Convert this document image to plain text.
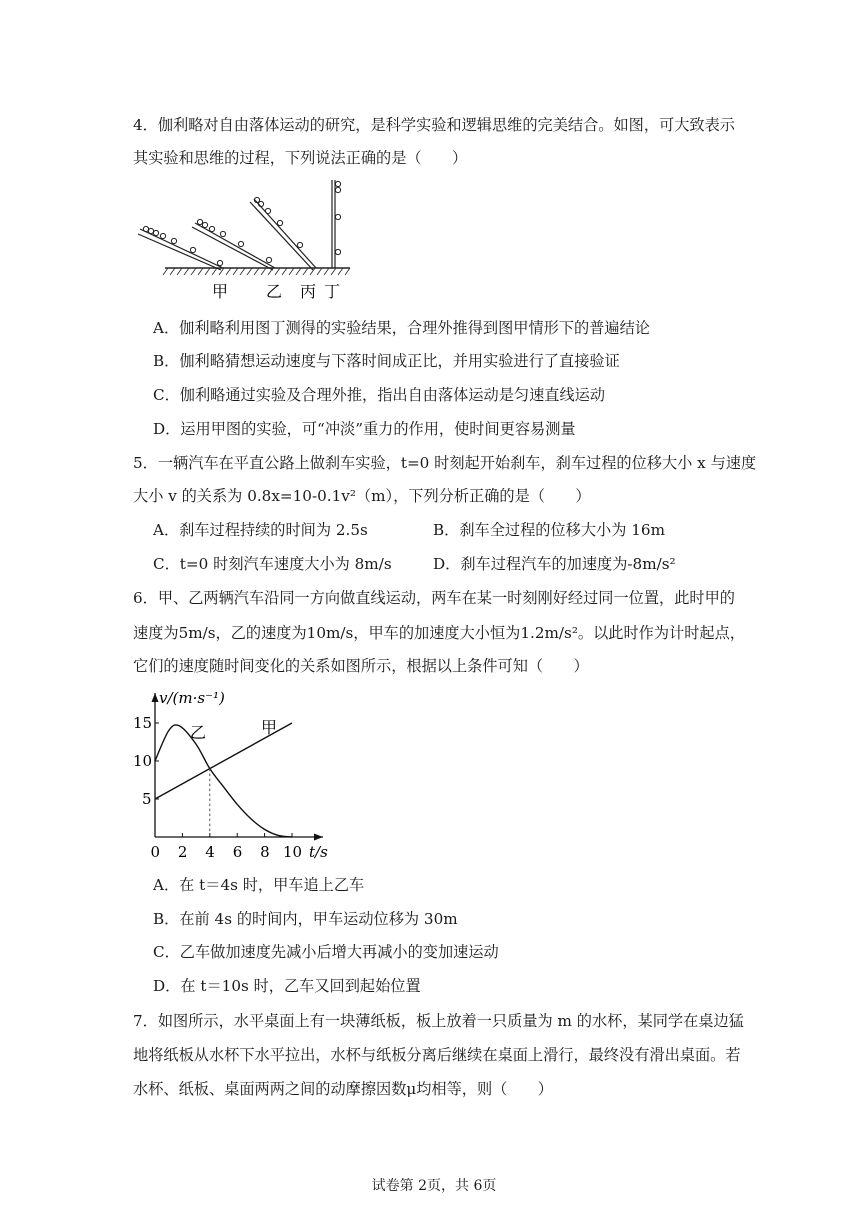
4．伽利略对自由落体运动的研究，是科学实验和逻辑思维的完美结合。如图，可大致表示
其实验和思维的过程，下列说法正确的是（　　）
甲 乙 丙 丁
A．伽利略利用图丁测得的实验结果，合理外推得到图甲情形下的普遍结论
B．伽利略猜想运动速度与下落时间成正比，并用实验进行了直接验证
C．伽利略通过实验及合理外推，指出自由落体运动是匀速直线运动
D．运用甲图的实验，可“冲淡”重力的作用，使时间更容易测量
5．一辆汽车在平直公路上做刹车实验，t=0 时刻起开始刹车，刹车过程的位移大小 x 与速度
大小 v 的关系为 0.8x=10-0.1v²（m），下列分析正确的是（　　）
A．刹车过程持续的时间为 2.5s	B．刹车全过程的位移大小为 16m
C．t=0 时刻汽车速度大小为 8m/s	D．刹车过程汽车的加速度为-8m/s²
6．甲、乙两辆汽车沿同一方向做直线运动，两车在某一时刻刚好经过同一位置，此时甲的
速度为5m/s，乙的速度为10m/s，甲车的加速度大小恒为1.2m/s²。以此时作为计时起点，
它们的速度随时间变化的关系如图所示，根据以上条件可知（　　）
0 2 4 6 8 10
5
10
15
v/(m·s⁻¹)
t/s
甲
乙
A．在 t＝4s 时，甲车追上乙车
B．在前 4s 的时间内，甲车运动位移为 30m
C．乙车做加速度先减小后增大再减小的变加速运动
D．在 t＝10s 时，乙车又回到起始位置
7．如图所示，水平桌面上有一块薄纸板，板上放着一只质量为 m 的水杯，某同学在桌边猛
地将纸板从水杯下水平拉出，水杯与纸板分离后继续在桌面上滑行，最终没有滑出桌面。若
水杯、纸板、桌面两两之间的动摩擦因数μ均相等，则（　　）
试卷第 2页，共 6页
